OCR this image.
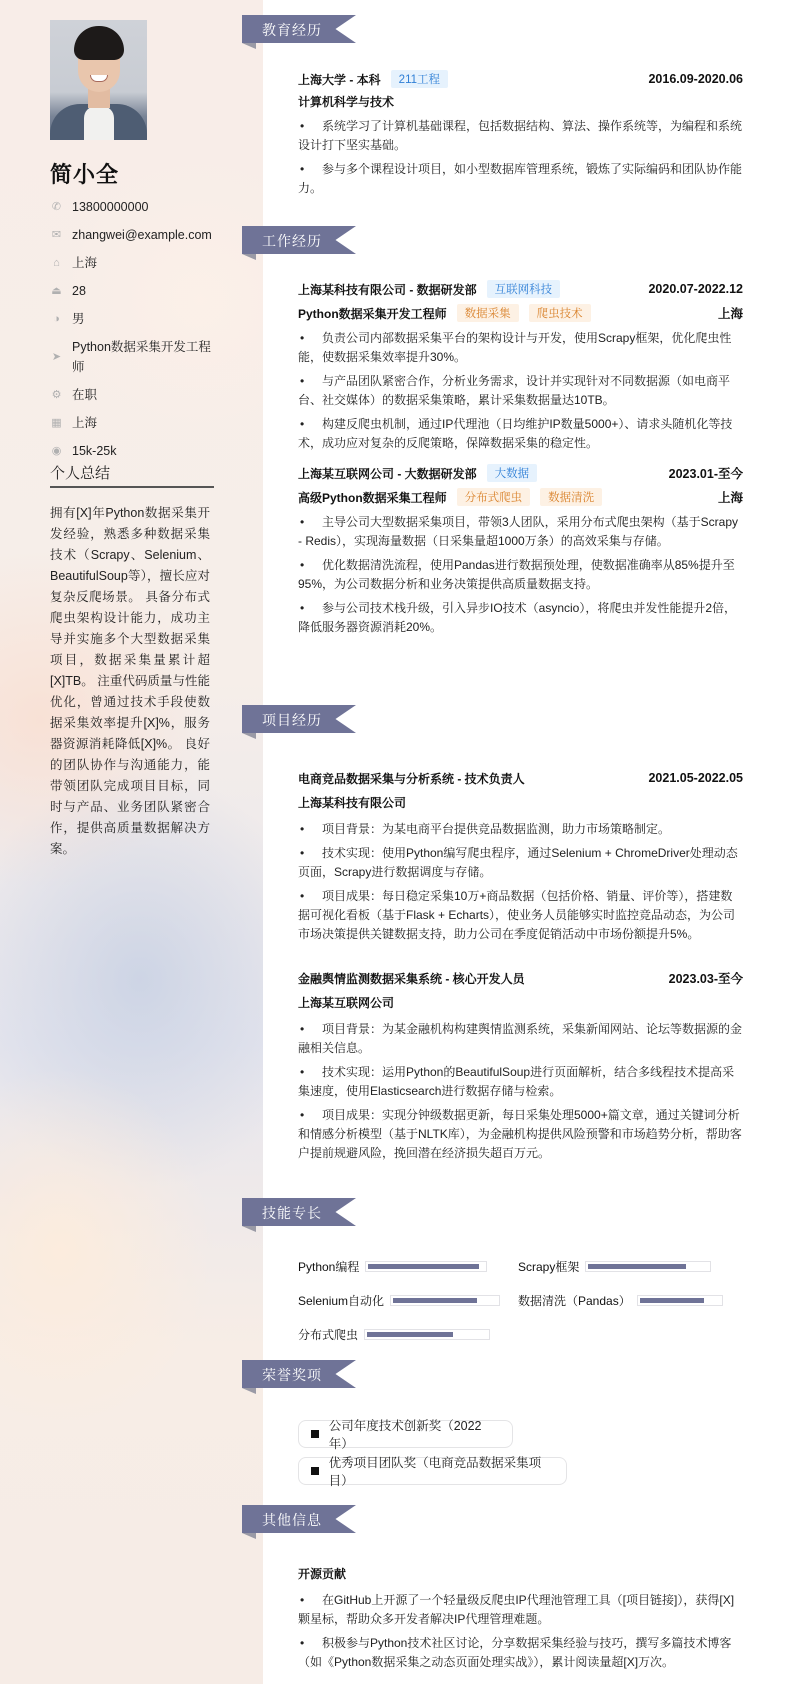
简小全
✆ 13800000000
✉ zhangwei@example.com
⌂ 上海
⏏ 28
◑ 男
➤
Python数据采集开发工程师
⚙ 在职
▦ 上海
◉ 15k-25k
个人总结
拥有[X]年Python数据采集开发经验，熟悉多种数据采集技术（Scrapy、Selenium、BeautifulSoup等），擅长应对复杂反爬场景。 具备分布式爬虫架构设计能力，成功主导并实施多个大型数据采集项目，数据采集量累计超[X]TB。 注重代码质量与性能优化，曾通过技术手段使数据采集效率提升[X]%，服务器资源消耗降低[X]%。 良好的团队协作与沟通能力，能带领团队完成项目目标，同时与产品、业务团队紧密合作，提供高质量数据解决方案。
教育经历
上海大学 - 本科	211工程	2016.09-2020.06
计算机科学与技术
• 系统学习了计算机基础课程，包括数据结构、算法、操作系统等，为编程和系统设计打下坚实基础。
• 参与多个课程设计项目，如小型数据库管理系统，锻炼了实际编码和团队协作能力。
工作经历
上海某科技有限公司 - 数据研发部	互联网科技	2020.07-2022.12
Python数据采集开发工程师	数据采集	爬虫技术	上海
• 负责公司内部数据采集平台的架构设计与开发，使用Scrapy框架，优化爬虫性能，使数据采集效率提升30%。
• 与产品团队紧密合作，分析业务需求，设计并实现针对不同数据源（如电商平台、社交媒体）的数据采集策略，累计采集数据量达10TB。
• 构建反爬虫机制，通过IP代理池（日均维护IP数量5000+）、请求头随机化等技术，成功应对复杂的反爬策略，保障数据采集的稳定性。
上海某互联网公司 - 大数据研发部	大数据	2023.01-至今
高级Python数据采集工程师	分布式爬虫	数据清洗	上海
• 主导公司大型数据采集项目，带领3人团队，采用分布式爬虫架构（基于Scrapy - Redis），实现海量数据（日采集量超1000万条）的高效采集与存储。
• 优化数据清洗流程，使用Pandas进行数据预处理，使数据准确率从85%提升至95%，为公司数据分析和业务决策提供高质量数据支持。
• 参与公司技术栈升级，引入异步IO技术（asyncio），将爬虫并发性能提升2倍，降低服务器资源消耗20%。
项目经历
电商竞品数据采集与分析系统 - 技术负责人	2021.05-2022.05
上海某科技有限公司
• 项目背景：为某电商平台提供竞品数据监测，助力市场策略制定。
• 技术实现：使用Python编写爬虫程序，通过Selenium + ChromeDriver处理动态页面，Scrapy进行数据调度与存储。
• 项目成果：每日稳定采集10万+商品数据（包括价格、销量、评价等），搭建数据可视化看板（基于Flask + Echarts），使业务人员能够实时监控竞品动态，为公司市场决策提供关键数据支持，助力公司在季度促销活动中市场份额提升5%。
金融舆情监测数据采集系统 - 核心开发人员	2023.03-至今
上海某互联网公司
• 项目背景：为某金融机构构建舆情监测系统，采集新闻网站、论坛等数据源的金融相关信息。
• 技术实现：运用Python的BeautifulSoup进行页面解析，结合多线程技术提高采集速度，使用Elasticsearch进行数据存储与检索。
• 项目成果：实现分钟级数据更新，每日采集处理5000+篇文章，通过关键词分析和情感分析模型（基于NLTK库），为金融机构提供风险预警和市场趋势分析，帮助客户提前规避风险，挽回潜在经济损失超百万元。
技能专长
Python编程	Scrapy框架
Selenium自动化	数据清洗（Pandas）
分布式爬虫
荣誉奖项
公司年度技术创新奖（2022年）
优秀项目团队奖（电商竞品数据采集项目）
其他信息
开源贡献
• 在GitHub上开源了一个轻量级反爬虫IP代理池管理工具（[项目链接]），获得[X]颗星标，帮助众多开发者解决IP代理管理难题。
• 积极参与Python技术社区讨论，分享数据采集经验与技巧，撰写多篇技术博客（如《Python数据采集之动态页面处理实战》），累计阅读量超[X]万次。
